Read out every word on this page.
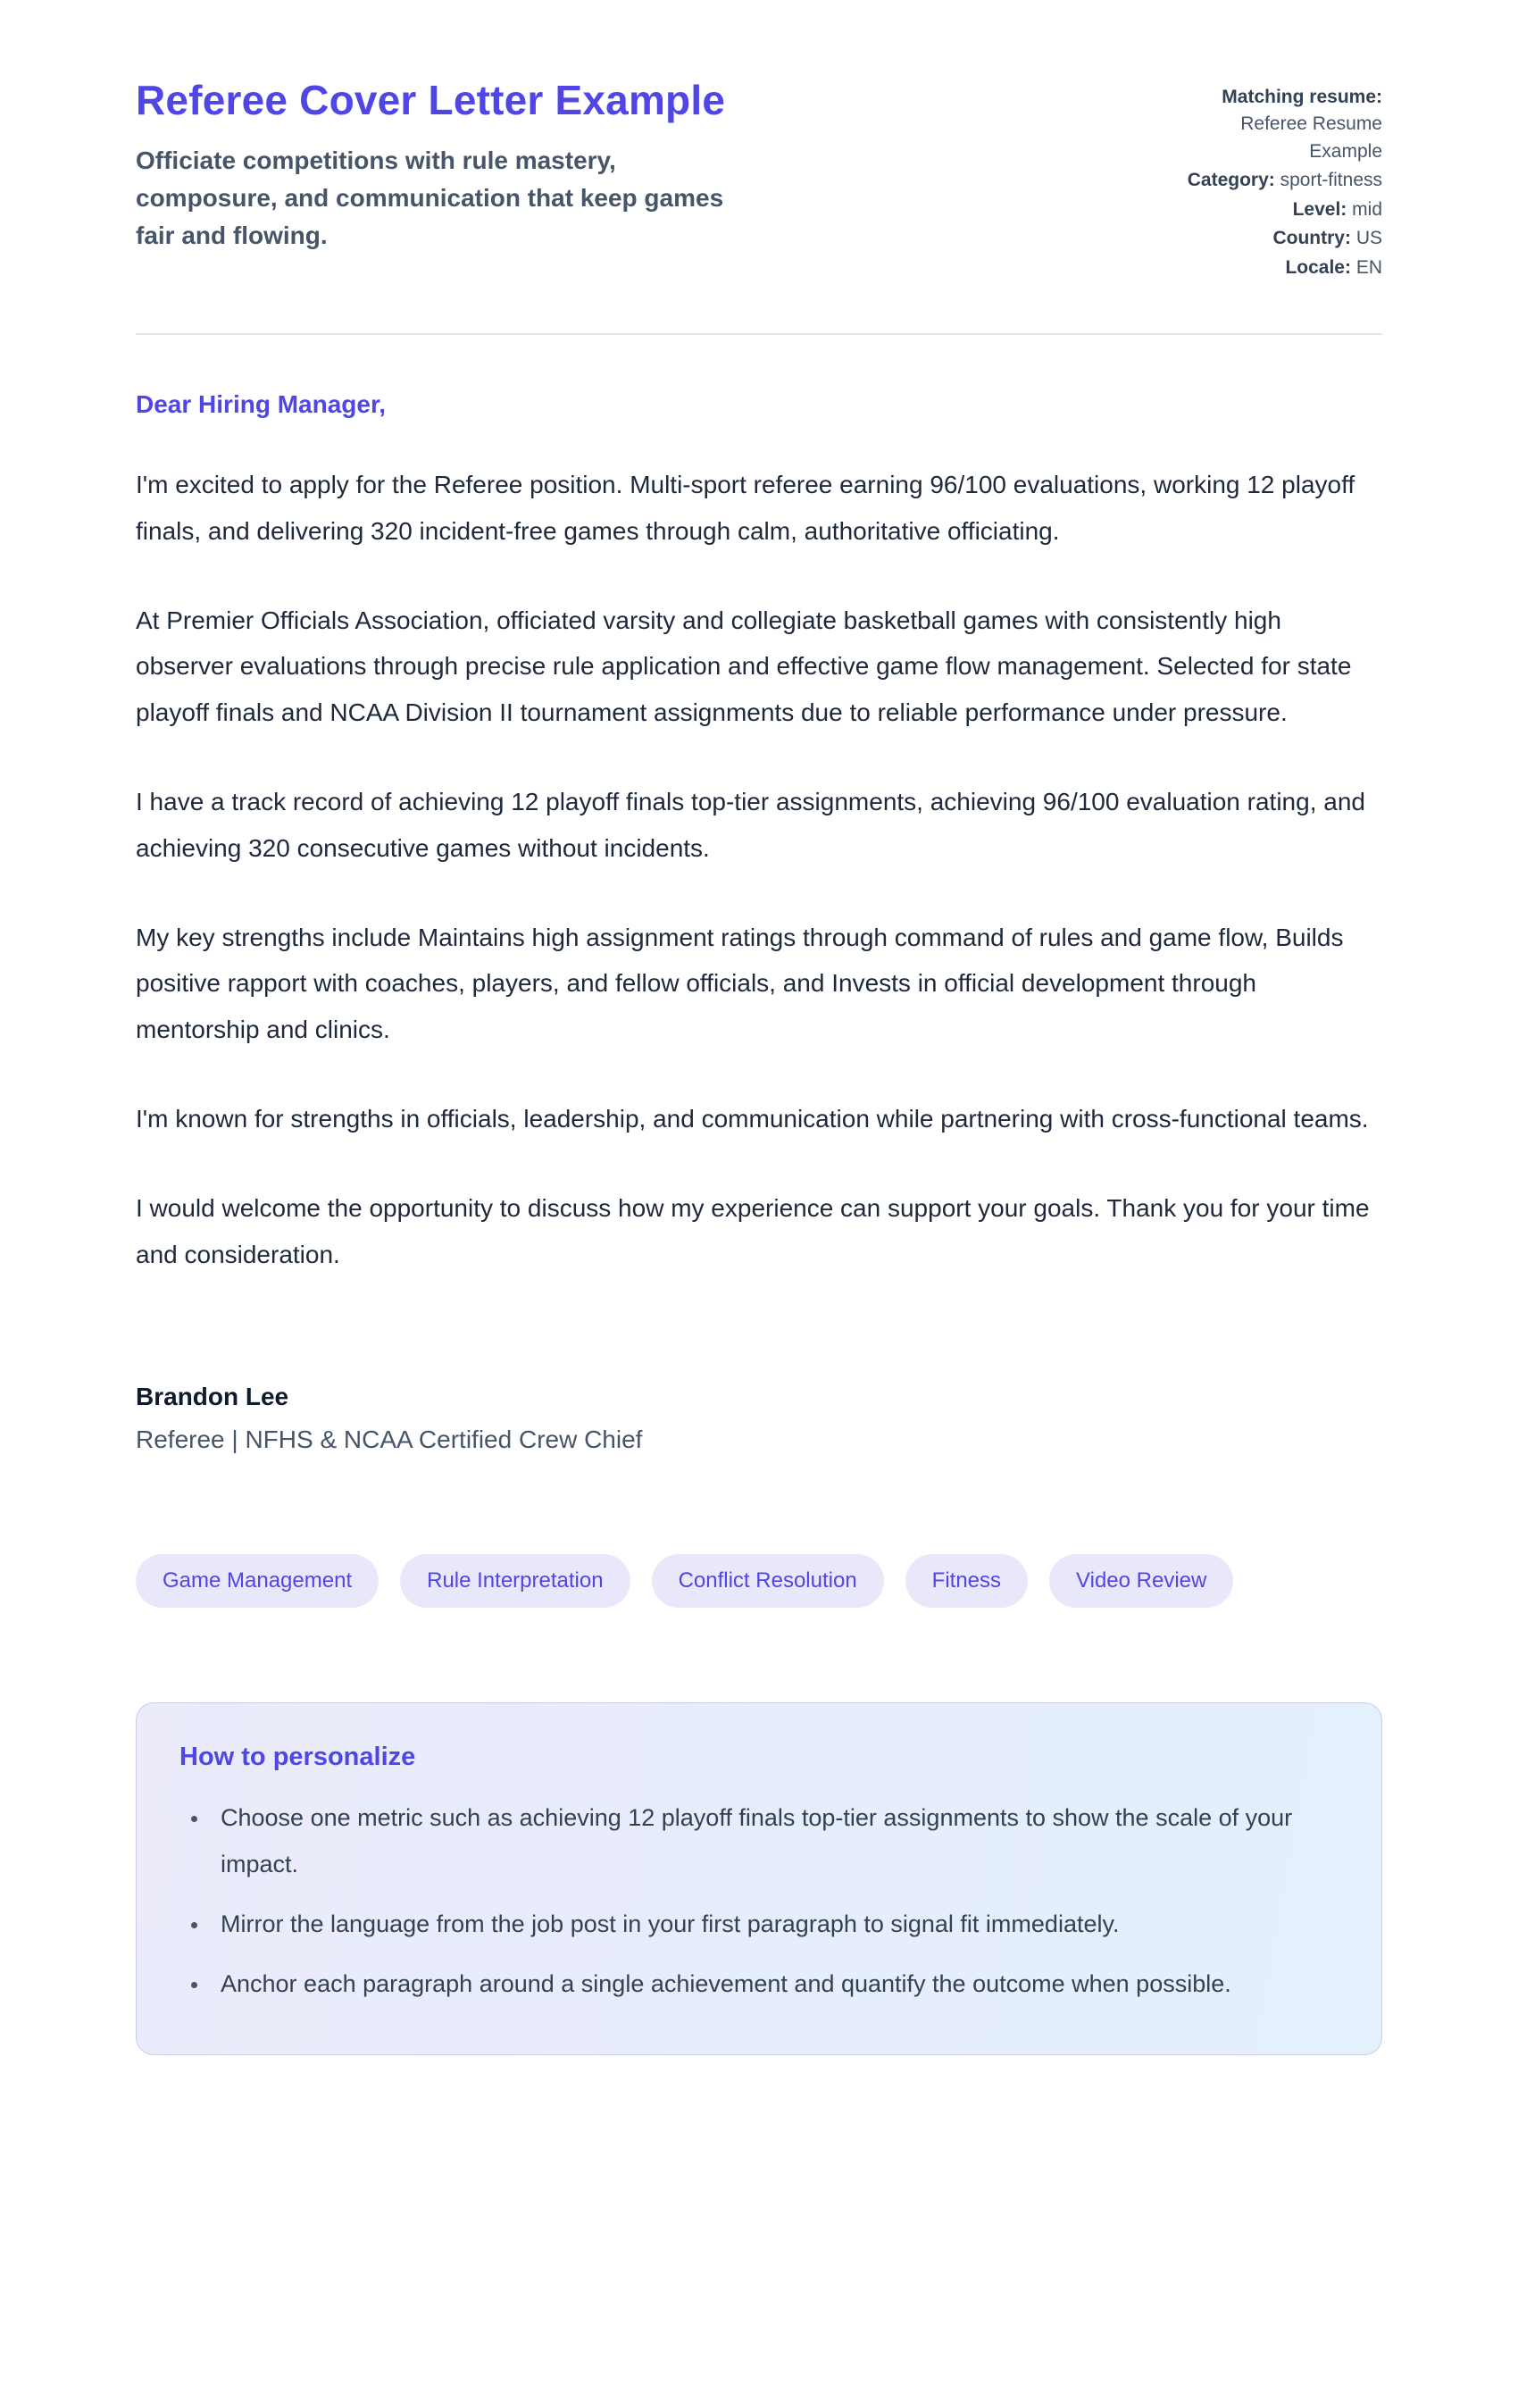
Referee Cover Letter Example

Officiate competitions with rule mastery, composure, and communication that keep games fair and flowing.

Matching resume: Referee Resume Example
Category: sport-fitness
Level: mid
Country: US
Locale: EN

Dear Hiring Manager,

I'm excited to apply for the Referee position. Multi-sport referee earning 96/100 evaluations, working 12 playoff finals, and delivering 320 incident-free games through calm, authoritative officiating.

At Premier Officials Association, officiated varsity and collegiate basketball games with consistently high observer evaluations through precise rule application and effective game flow management. Selected for state playoff finals and NCAA Division II tournament assignments due to reliable performance under pressure.

I have a track record of achieving 12 playoff finals top-tier assignments, achieving 96/100 evaluation rating, and achieving 320 consecutive games without incidents.

My key strengths include Maintains high assignment ratings through command of rules and game flow, Builds positive rapport with coaches, players, and fellow officials, and Invests in official development through mentorship and clinics.

I'm known for strengths in officials, leadership, and communication while partnering with cross-functional teams.

I would welcome the opportunity to discuss how my experience can support your goals. Thank you for your time and consideration.

Brandon Lee

Referee | NFHS & NCAA Certified Crew Chief

Game Management	Rule Interpretation	Conflict Resolution	Fitness	Video Review
How to personalize
• Choose one metric such as achieving 12 playoff finals top-tier assignments to show the scale of your impact.
• Mirror the language from the job post in your first paragraph to signal fit immediately.
• Anchor each paragraph around a single achievement and quantify the outcome when possible.
